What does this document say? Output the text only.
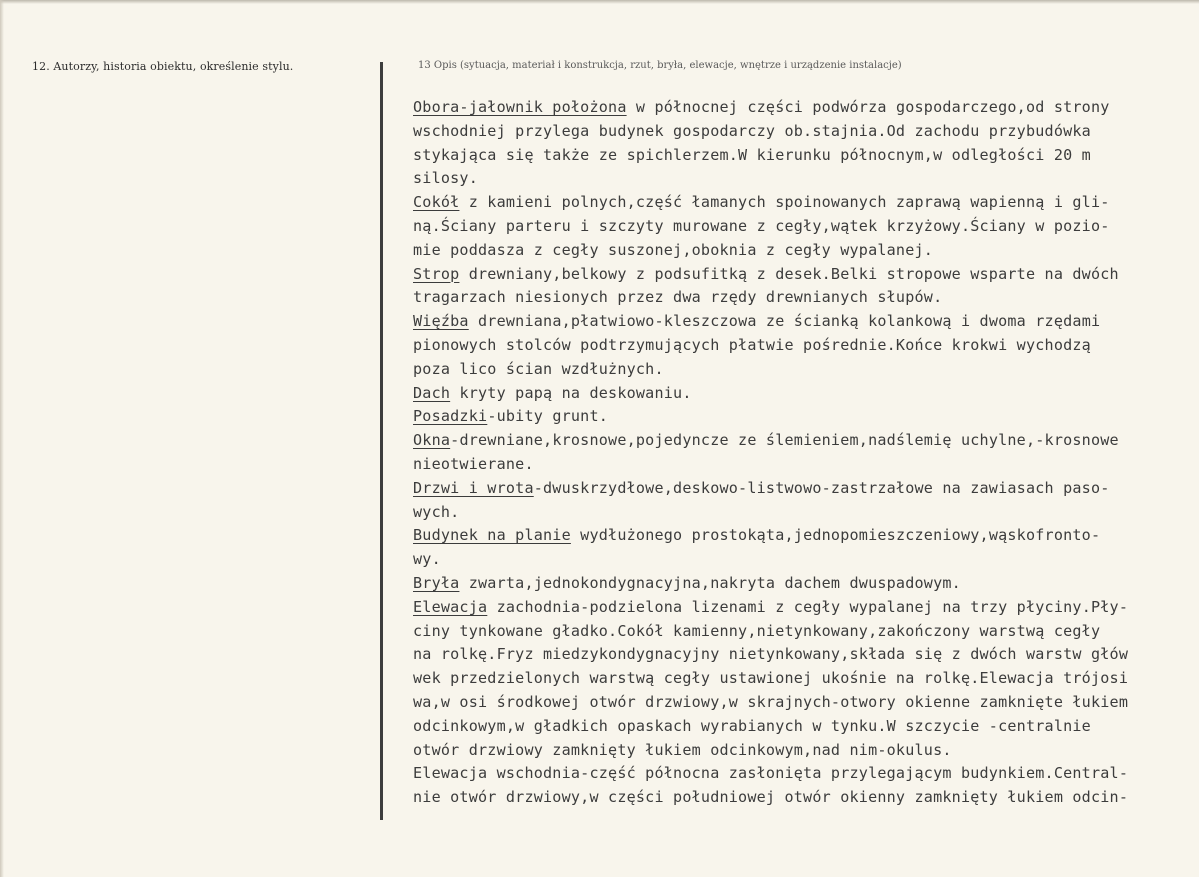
12. Autorzy, historia obiektu, określenie stylu.	13 Opis (sytuacja, materiał i konstrukcja, rzut, bryła, elewacje, wnętrze i urządzenie instalacje)
Obora-jałownik położona w północnej części podwórza gospodarczego,od strony
wschodniej przylega budynek gospodarczy ob.stajnia.Od zachodu przybudówka
stykająca się także ze spichlerzem.W kierunku północnym,w odległości 20 m
silosy.
Cokół z kamieni polnych,część łamanych spoinowanych zaprawą wapienną i gli-
ną.Ściany parteru i szczyty murowane z cegły,wątek krzyżowy.Ściany w pozio-
mie poddasza z cegły suszonej,obokniа z cegły wypalanej.
Strop drewniany,belkowy z podsufitką z desek.Belki stropowe wsparte na dwóch
tragarzach niesionych przez dwa rzędy drewnianych słupów.
Więźba drewniana,płatwiowo-kleszczowa ze ścianką kolankową i dwoma rzędami
pionowych stolców podtrzymujących płatwie pośrednie.Końce krokwi wychodzą
poza lico ścian wzdłużnych.
Dach kryty papą na deskowaniu.
Posadzki-ubity grunt.
Okna-drewniane,krosnowe,pojedyncze ze ślemieniem,nadślemię uchylne,-krosnowe
nieotwierane.
Drzwi i wrota-dwuskrzydłowe,deskowo-listwowo-zastrzałowe na zawiasach paso-
wych.
Budynek na planie wydłużonego prostokąta,jednopomieszczeniowy,wąskofronto-
wy.
Bryła zwarta,jednokondygnacyjna,nakryta dachem dwuspadowym.
Elewacja zachodnia-podzielona lizenami z cegły wypalanej na trzy płyciny.Pły-
ciny tynkowane gładko.Cokół kamienny,nietynkowany,zakończony warstwą cegły
na rolkę.Fryz miedzykondygnacyjny nietynkowany,składa się z dwóch warstw głów
wek przedzielonych warstwą cegły ustawionej ukośnie na rolkę.Elewacja trójosi
wa,w osi środkowej otwór drzwiowy,w skrajnych-otwory okienne zamknięte łukiem
odcinkowym,w gładkich opaskach wyrabianych w tynku.W szczycie -centralnie
otwór drzwiowy zamknięty łukiem odcinkowym,nad nim-okulus.
Elewacja wschodnia-część północna zasłonięta przylegającym budynkiem.Central-
nie otwór drzwiowy,w części południowej otwór okienny zamknięty łukiem odcin-
